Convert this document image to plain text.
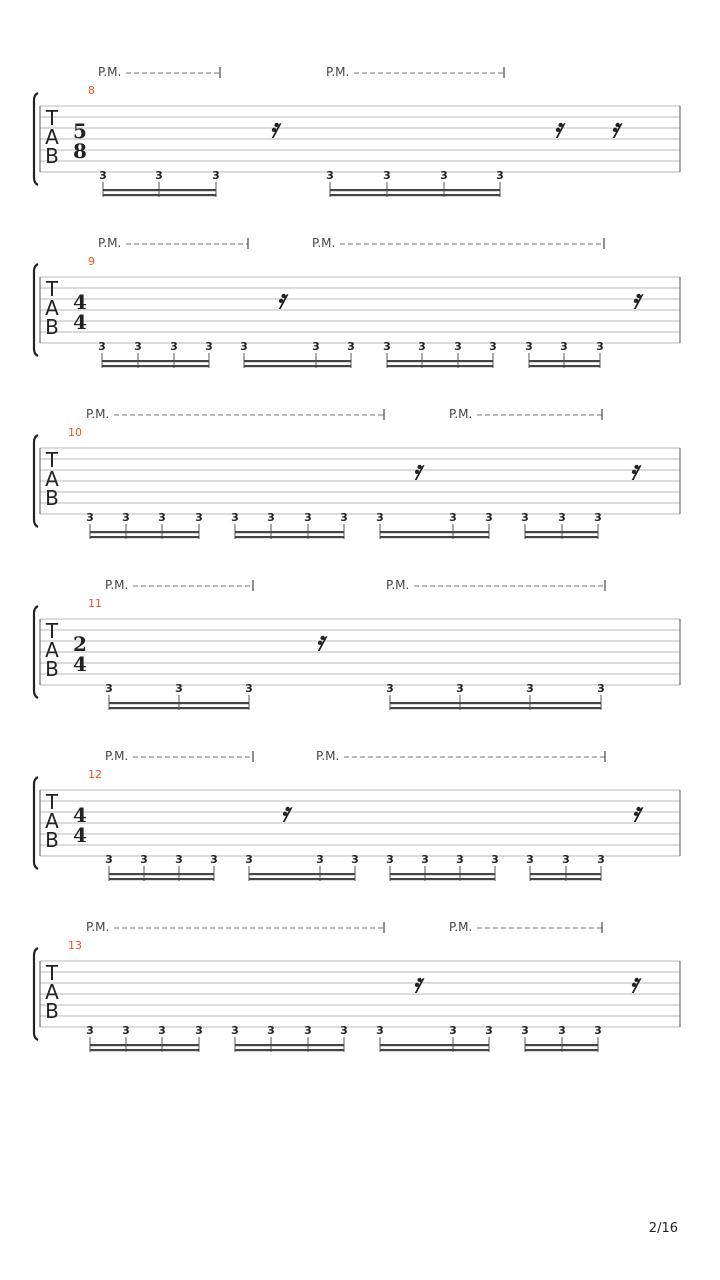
T
A
B
8
5
8
P.M.	P.M.
3	3	3	3	3	3	3
𝄿	𝄿 𝄿
T
A
B
9
4
4
P.M.	P.M.
3	3	3 3 3	3 3	3 3	3 3	3 3	3
𝄿	𝄿
T
A
B
10
P.M.	P.M.
3	3	3	3	3	3	3	3	3	3	3	3	3	3
𝄿	𝄿
T
A
B
11
2
4
P.M.	P.M.
3	3	3	3	3	3	3
𝄿
T
A
B
12
4
4
P.M.	P.M.
3 3 3 3 3	3 3 3 3 3 3 3	3 3
𝄿	𝄿
T
A
B
13
P.M.	P.M.
3	3	3	3	3	3	3	3	3	3	3	3	3	3
𝄿	𝄿
2/16
